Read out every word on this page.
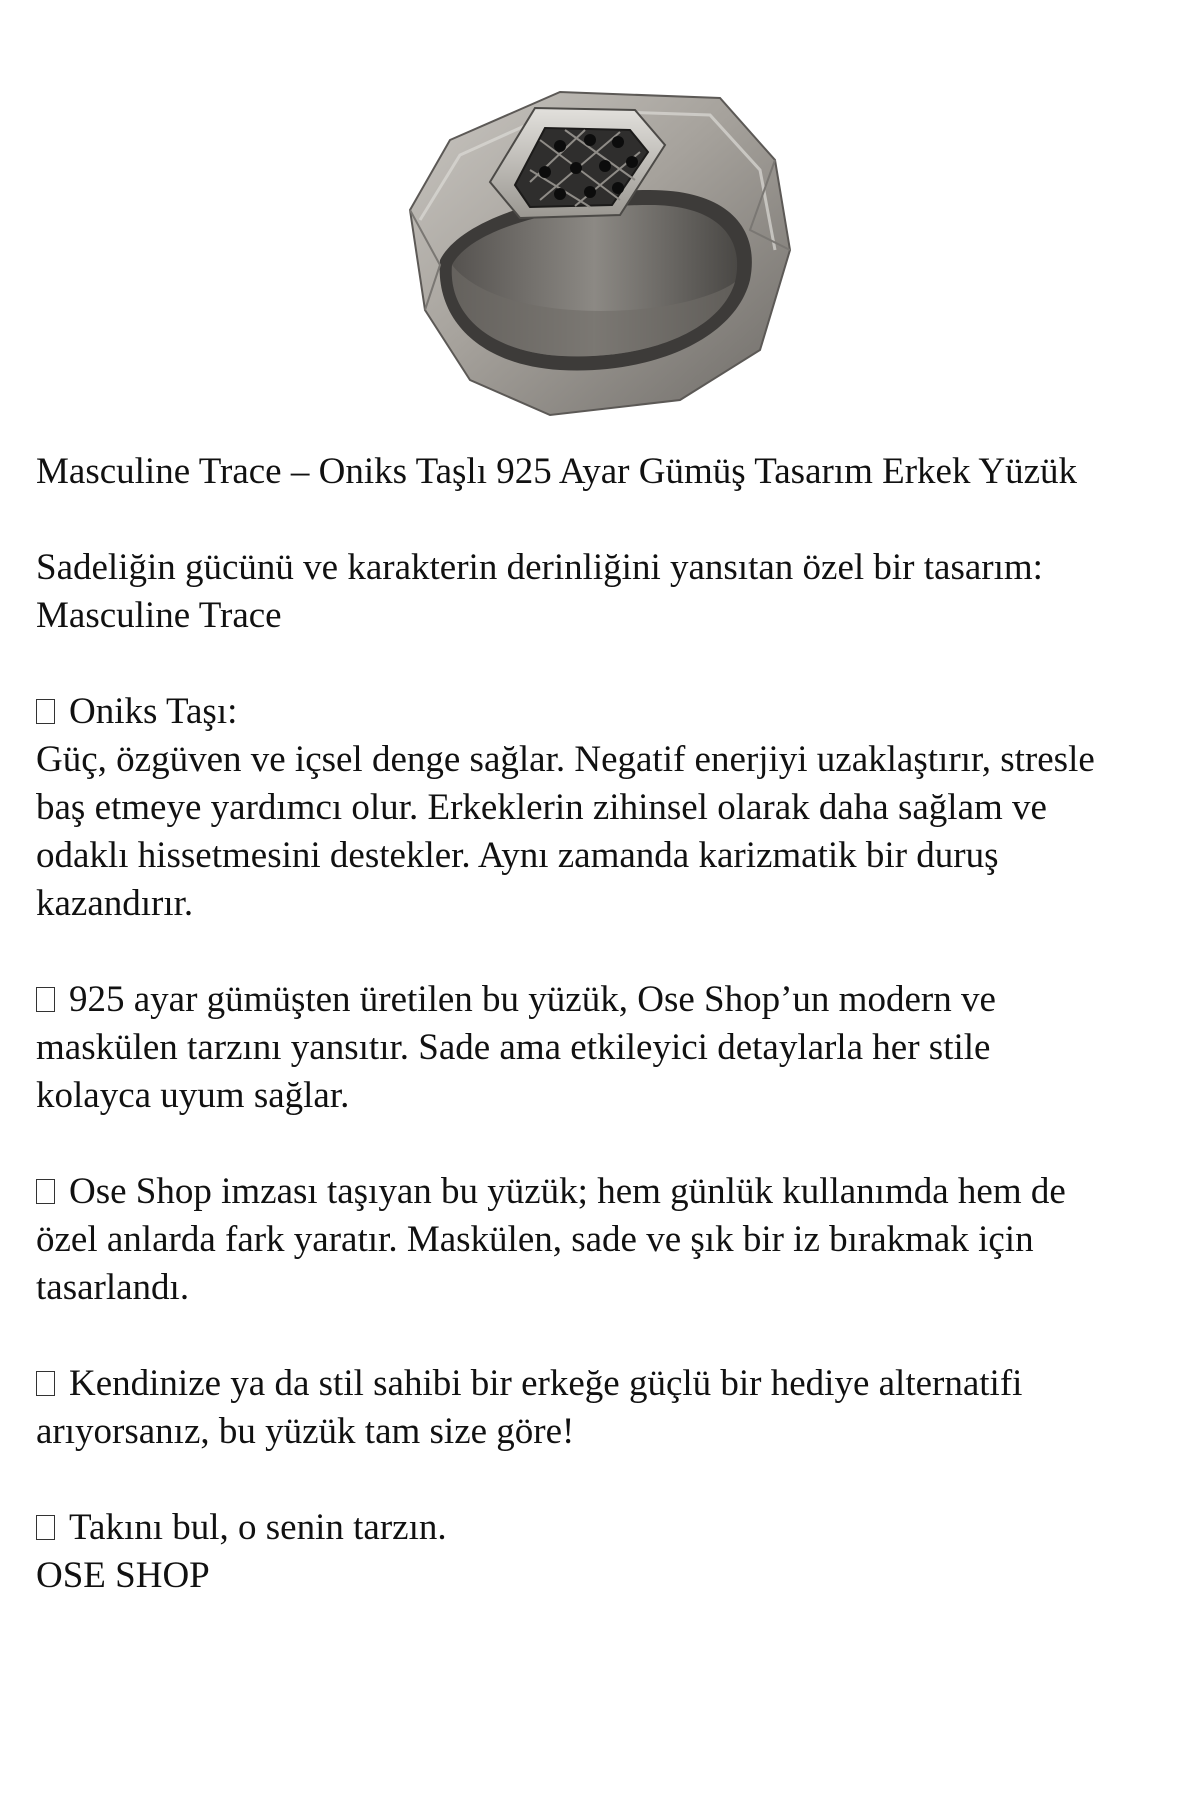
Masculine Trace – Oniks Taşlı 925 Ayar Gümüş Tasarım Erkek Yüzük

Sadeliğin gücünü ve karakterin derinliğini yansıtan özel bir tasarım:

Masculine Trace

Oniks Taşı:

Güç, özgüven ve içsel denge sağlar. Negatif enerjiyi uzaklaştırır, stresle

baş etmeye yardımcı olur. Erkeklerin zihinsel olarak daha sağlam ve

odaklı hissetmesini destekler. Aynı zamanda karizmatik bir duruş

kazandırır.

925 ayar gümüşten üretilen bu yüzük, Ose Shop’un modern ve

maskülen tarzını yansıtır. Sade ama etkileyici detaylarla her stile

kolayca uyum sağlar.

Ose Shop imzası taşıyan bu yüzük; hem günlük kullanımda hem de

özel anlarda fark yaratır. Maskülen, sade ve şık bir iz bırakmak için

tasarlandı.

Kendinize ya da stil sahibi bir erkeğe güçlü bir hediye alternatifi

arıyorsanız, bu yüzük tam size göre!

Takını bul, o senin tarzın.

OSE SHOP
